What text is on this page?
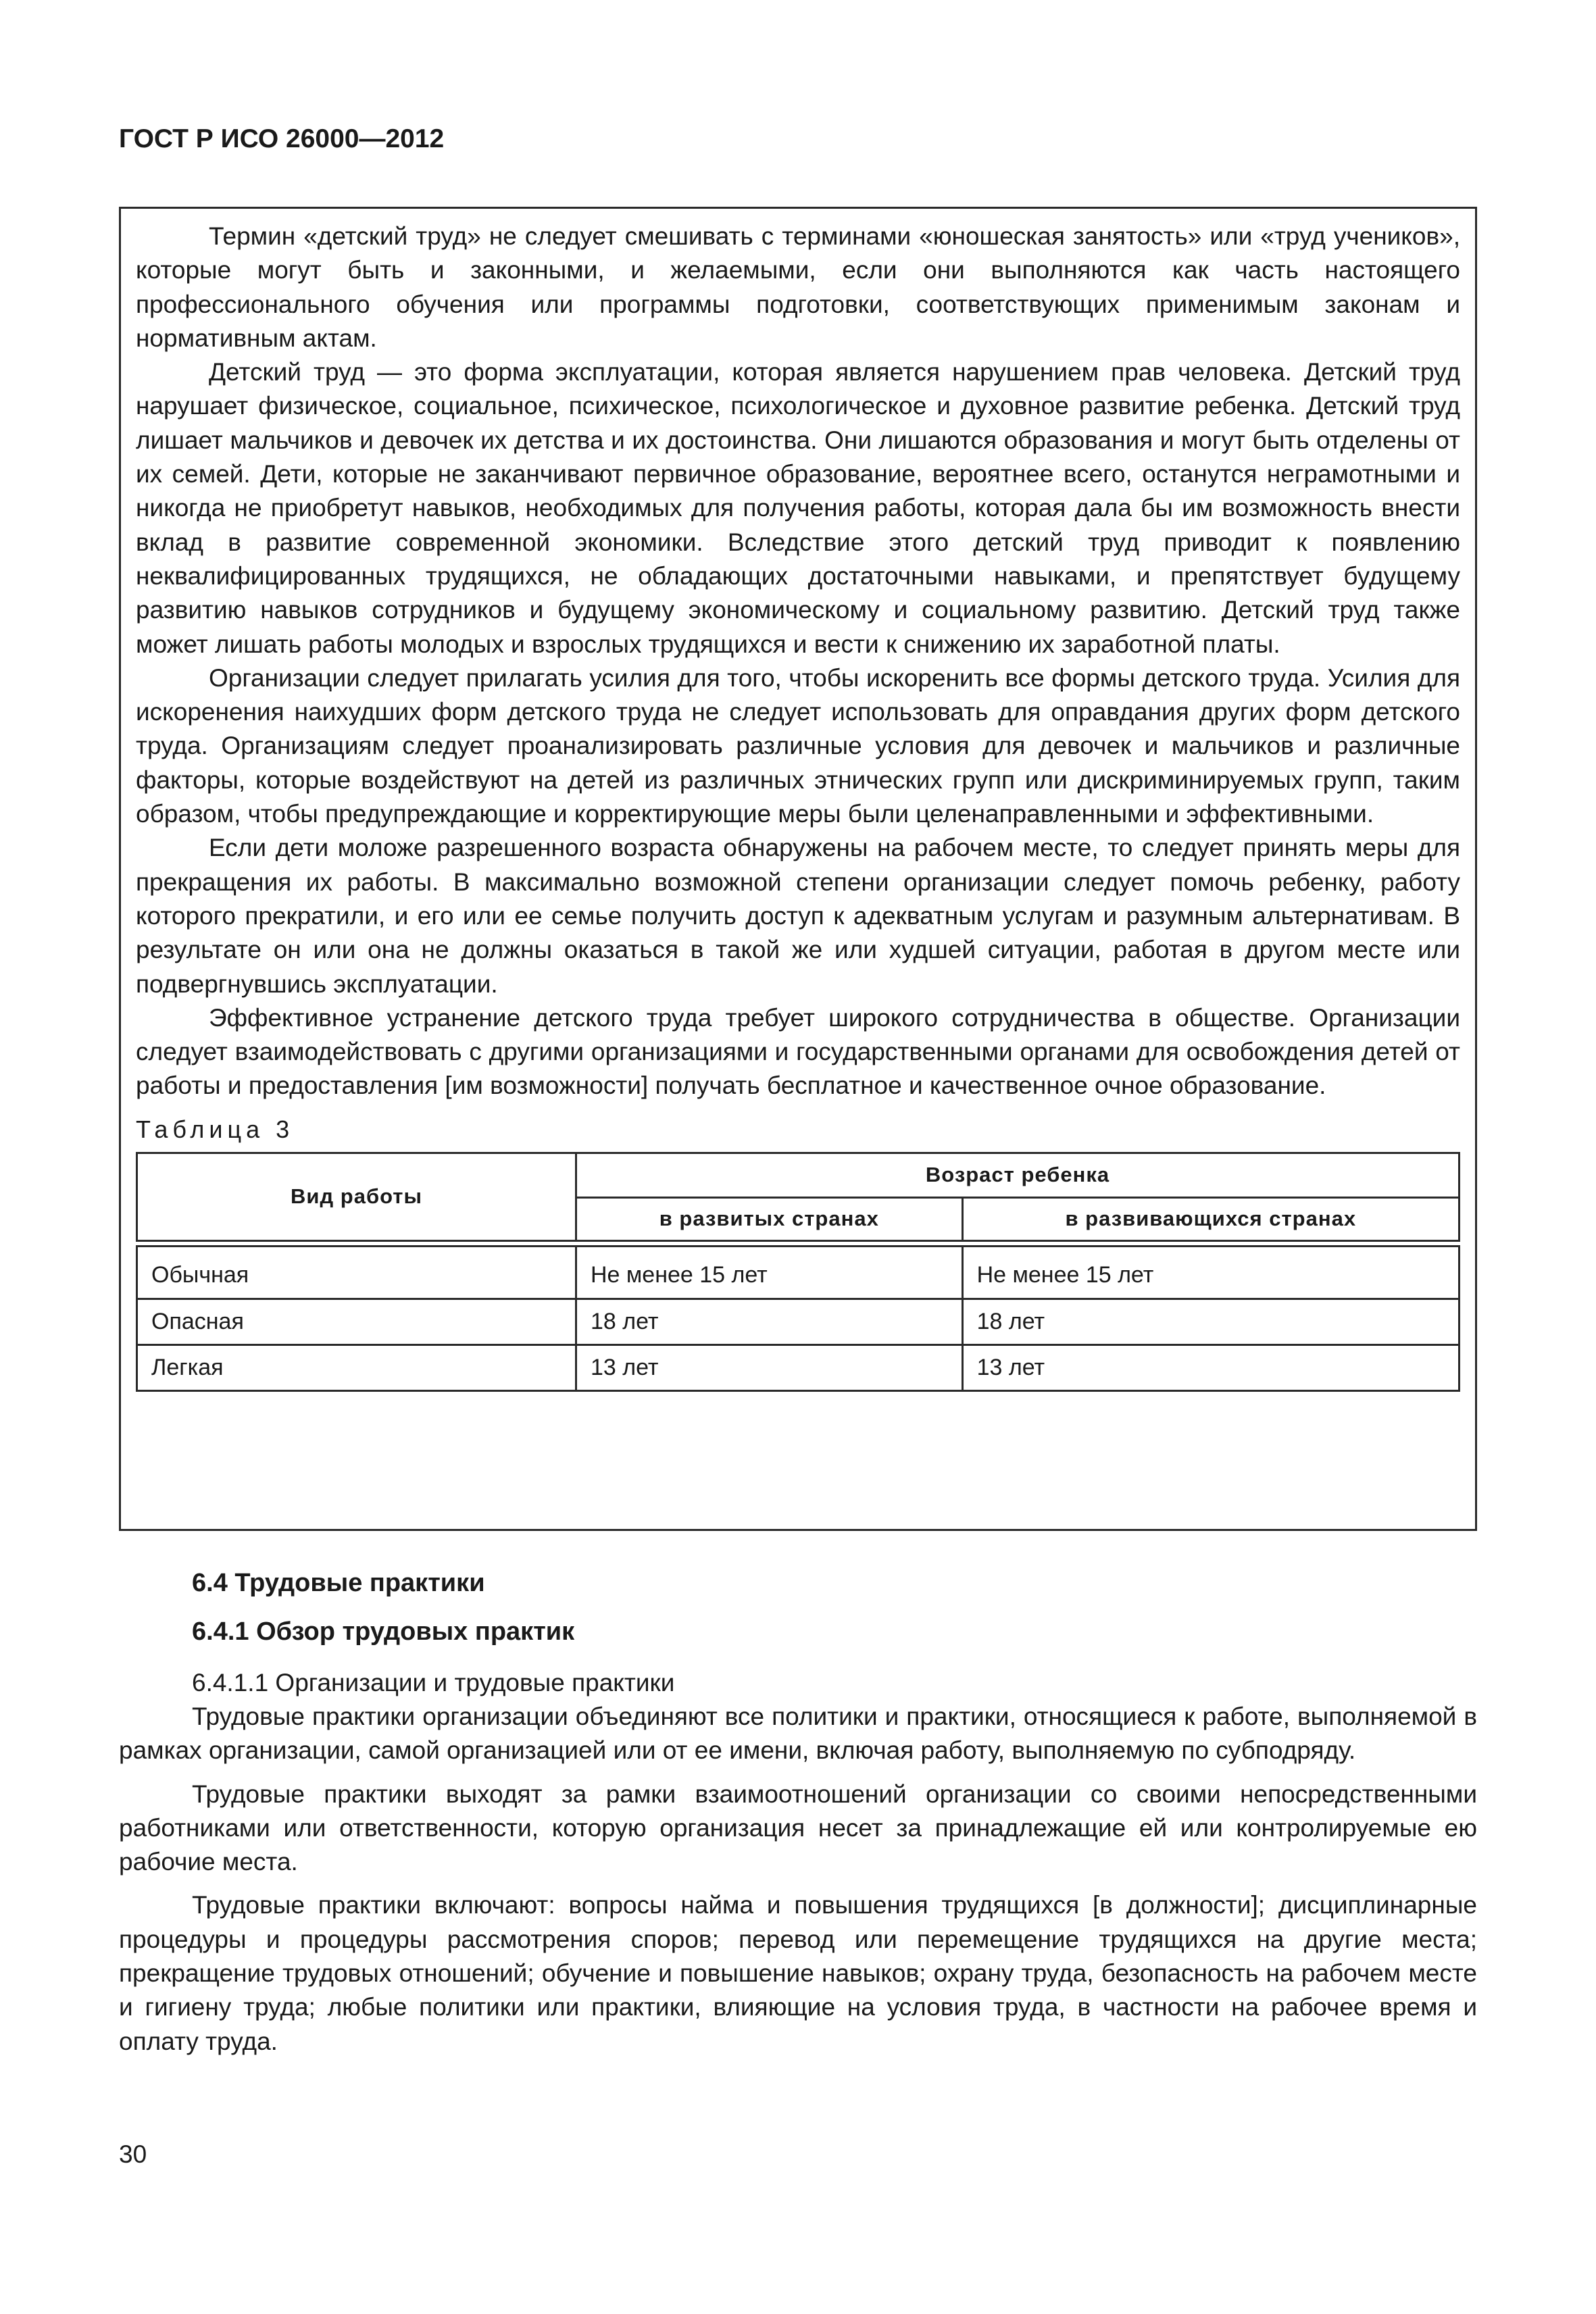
ГОСТ Р ИСО 26000—2012

Термин «детский труд» не следует смешивать с терминами «юношеская занятость» или «труд учеников», которые могут быть и законными, и желаемыми, если они выполняются как часть настоящего профессионального обучения или программы подготовки, соответствующих применимым законам и нормативным актам.

Детский труд — это форма эксплуатации, которая является нарушением прав человека. Детский труд нарушает физическое, социальное, психическое, психологическое и духовное развитие ребенка. Детский труд лишает мальчиков и девочек их детства и их достоинства. Они лишаются образования и могут быть отделены от их семей. Дети, которые не заканчивают первичное образование, вероятнее всего, останутся неграмотными и никогда не приобретут навыков, необходимых для получения работы, которая дала бы им возможность внести вклад в развитие современной экономики. Вследствие этого детский труд приводит к появлению неквалифицированных трудящихся, не обладающих достаточными навыками, и препятствует будущему развитию навыков сотрудников и будущему экономическому и социальному развитию. Детский труд также может лишать работы молодых и взрослых трудящихся и вести к снижению их заработной платы.

Организации следует прилагать усилия для того, чтобы искоренить все формы детского труда. Усилия для искоренения наихудших форм детского труда не следует использовать для оправдания других форм детского труда. Организациям следует проанализировать различные условия для девочек и мальчиков и различные факторы, которые воздействуют на детей из различных этнических групп или дискриминируемых групп, таким образом, чтобы предупреждающие и корректирующие меры были целенаправленными и эффективными.

Если дети моложе разрешенного возраста обнаружены на рабочем месте, то следует принять меры для прекращения их работы. В максимально возможной степени организации следует помочь ребенку, работу которого прекратили, и его или ее семье получить доступ к адекватным услугам и разумным альтернативам. В результате он или она не должны оказаться в такой же или худшей ситуации, работая в другом месте или подвергнувшись эксплуатации.

Эффективное устранение детского труда требует широкого сотрудничества в обществе. Организации следует взаимодействовать с другими организациями и государственными органами для освобождения детей от работы и предоставления [им возможности] получать бесплатное и качественное очное образование.

Таблица 3
Вид работы	Возраст ребенка	
	в развитых странах	в развивающихся странах

Обычная	Не менее 15 лет	Не менее 15 лет
Опасная	18 лет	18 лет
Легкая	13 лет	13 лет
6.4 Трудовые практики
6.4.1 Обзор трудовых практик
6.4.1.1 Организации и трудовые практики

Трудовые практики организации объединяют все политики и практики, относящиеся к работе, выполняемой в рамках организации, самой организацией или от ее имени, включая работу, выполняемую по субподряду.

Трудовые практики выходят за рамки взаимоотношений организации со своими непосредственными работниками или ответственности, которую организация несет за принадлежащие ей или контролируемые ею рабочие места.

Трудовые практики включают: вопросы найма и повышения трудящихся [в должности]; дисциплинарные процедуры и процедуры рассмотрения споров; перевод или перемещение трудящихся на другие места; прекращение трудовых отношений; обучение и повышение навыков; охрану труда, безопасность на рабочем месте и гигиену труда; любые политики или практики, влияющие на условия труда, в частности на рабочее время и оплату труда.

30
